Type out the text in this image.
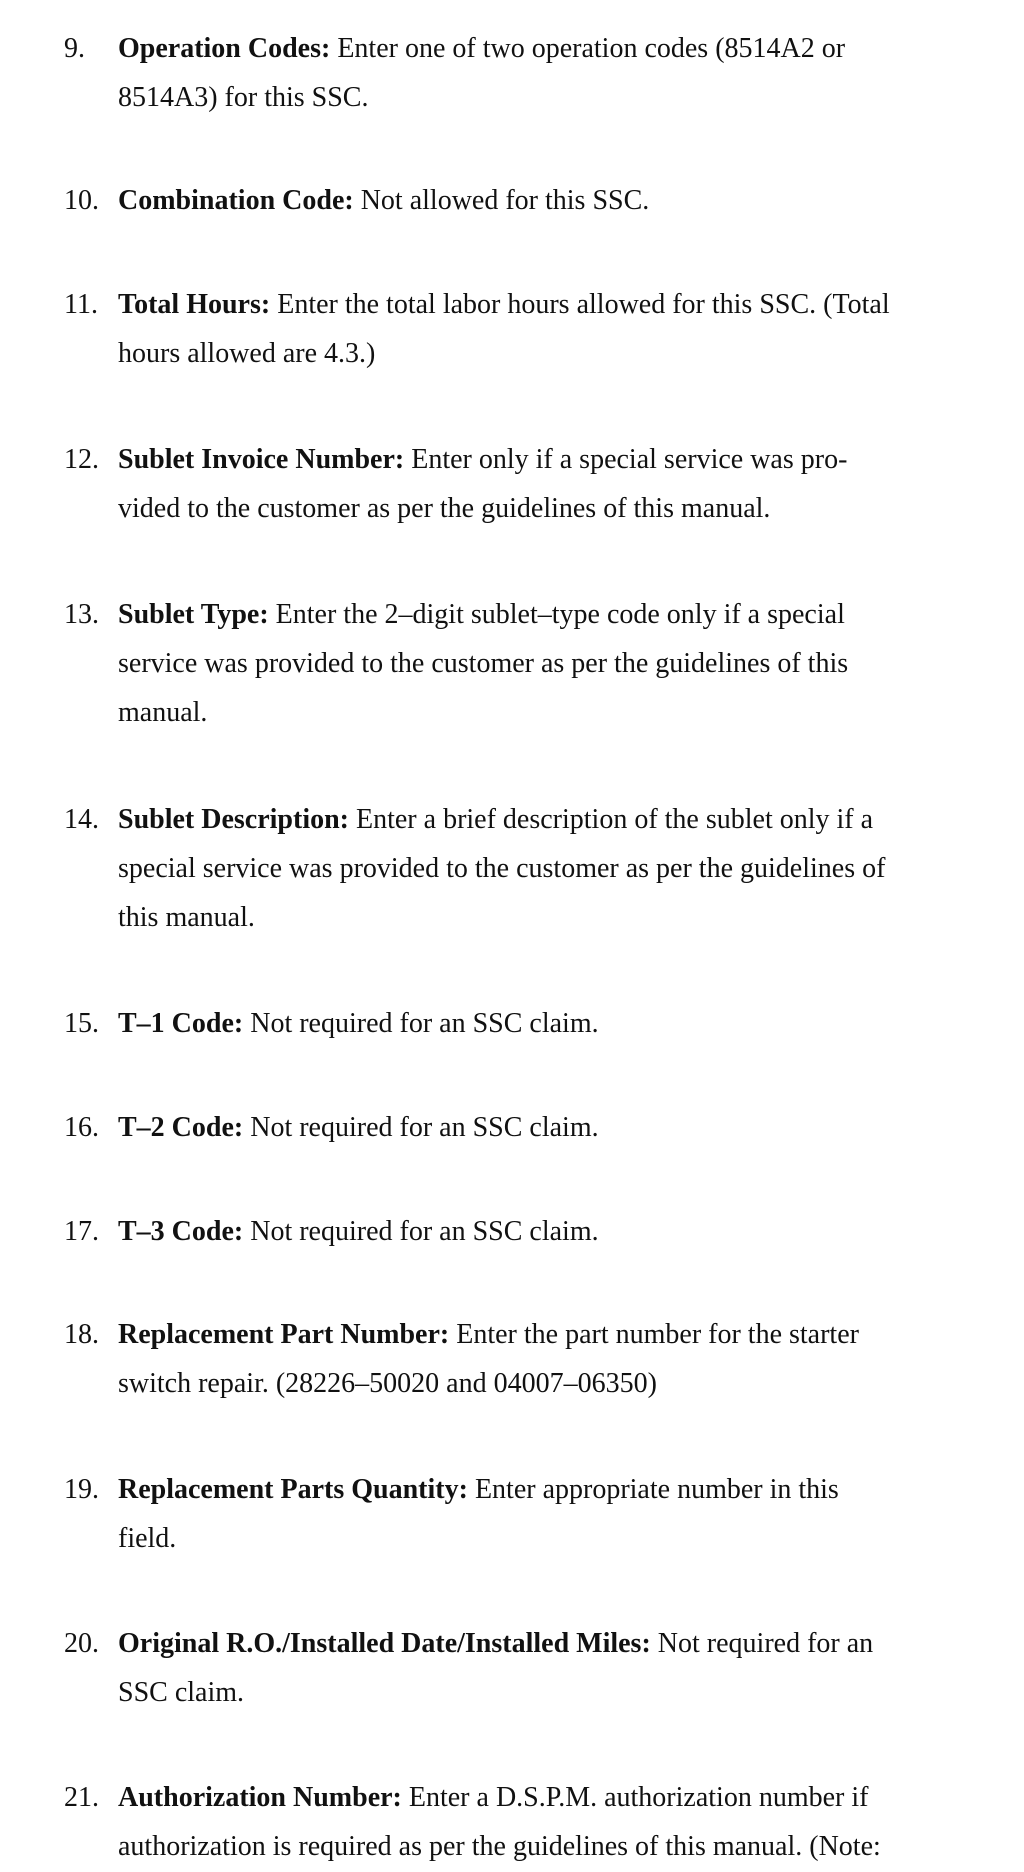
9.	Operation Codes: Enter one of two operation codes (8514A2 or
8514A3) for this SSC.
10. Combination Code: Not allowed for this SSC.
11. Total Hours: Enter the total labor hours allowed for this SSC. (Total
hours allowed are 4.3.)
12. Sublet Invoice Number: Enter only if a special service was pro-
vided to the customer as per the guidelines of this manual.
13. Sublet Type: Enter the 2–digit sublet–type code only if a special
service was provided to the customer as per the guidelines of this
manual.
14. Sublet Description: Enter a brief description of the sublet only if a
special service was provided to the customer as per the guidelines of
this manual.
15. T–1 Code: Not required for an SSC claim.
16. T–2 Code: Not required for an SSC claim.
17. T–3 Code: Not required for an SSC claim.
18. Replacement Part Number: Enter the part number for the starter
switch repair. (28226–50020 and 04007–06350)
19. Replacement Parts Quantity: Enter appropriate number in this
field.
20. Original R.O./Installed Date/Installed Miles: Not required for an
SSC claim.
21. Authorization Number: Enter a D.S.P.M. authorization number if
authorization is required as per the guidelines of this manual. (Note:
